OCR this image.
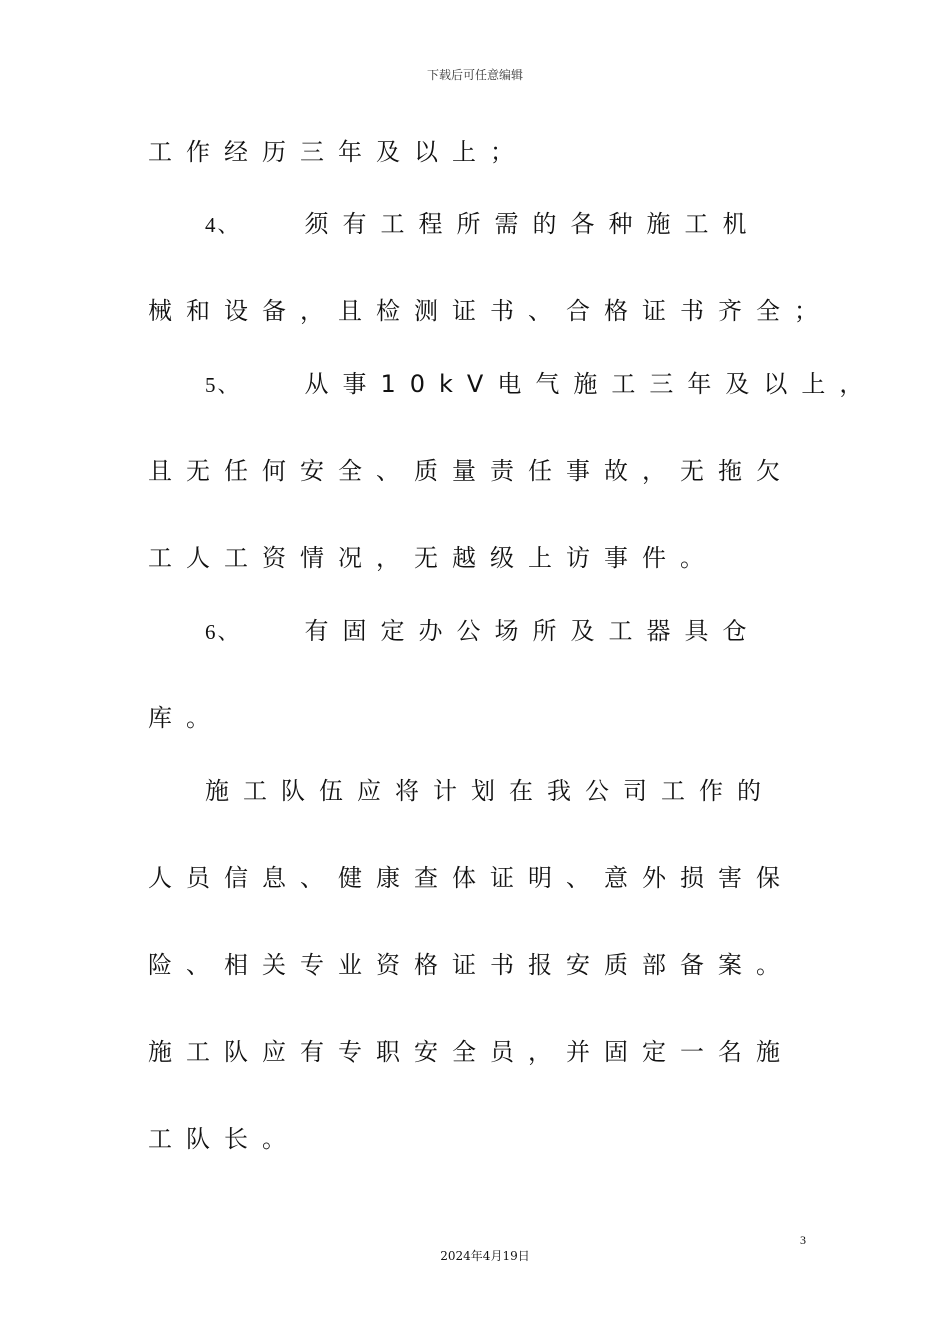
下载后可任意编辑
工作经历三年及以上；
4、	须有工程所需的各种施工机
械和设备，且检测证书、合格证书齐全；
5、	从事10kV电气施工三年及以上，
且无任何安全、质量责任事故，无拖欠
工人工资情况，无越级上访事件。
6、	有固定办公场所及工器具仓
库。
施工队伍应将计划在我公司工作的
人员信息、健康查体证明、意外损害保
险、相关专业资格证书报安质部备案。
施工队应有专职安全员，并固定一名施
工队长。
3
2024年4月19日
